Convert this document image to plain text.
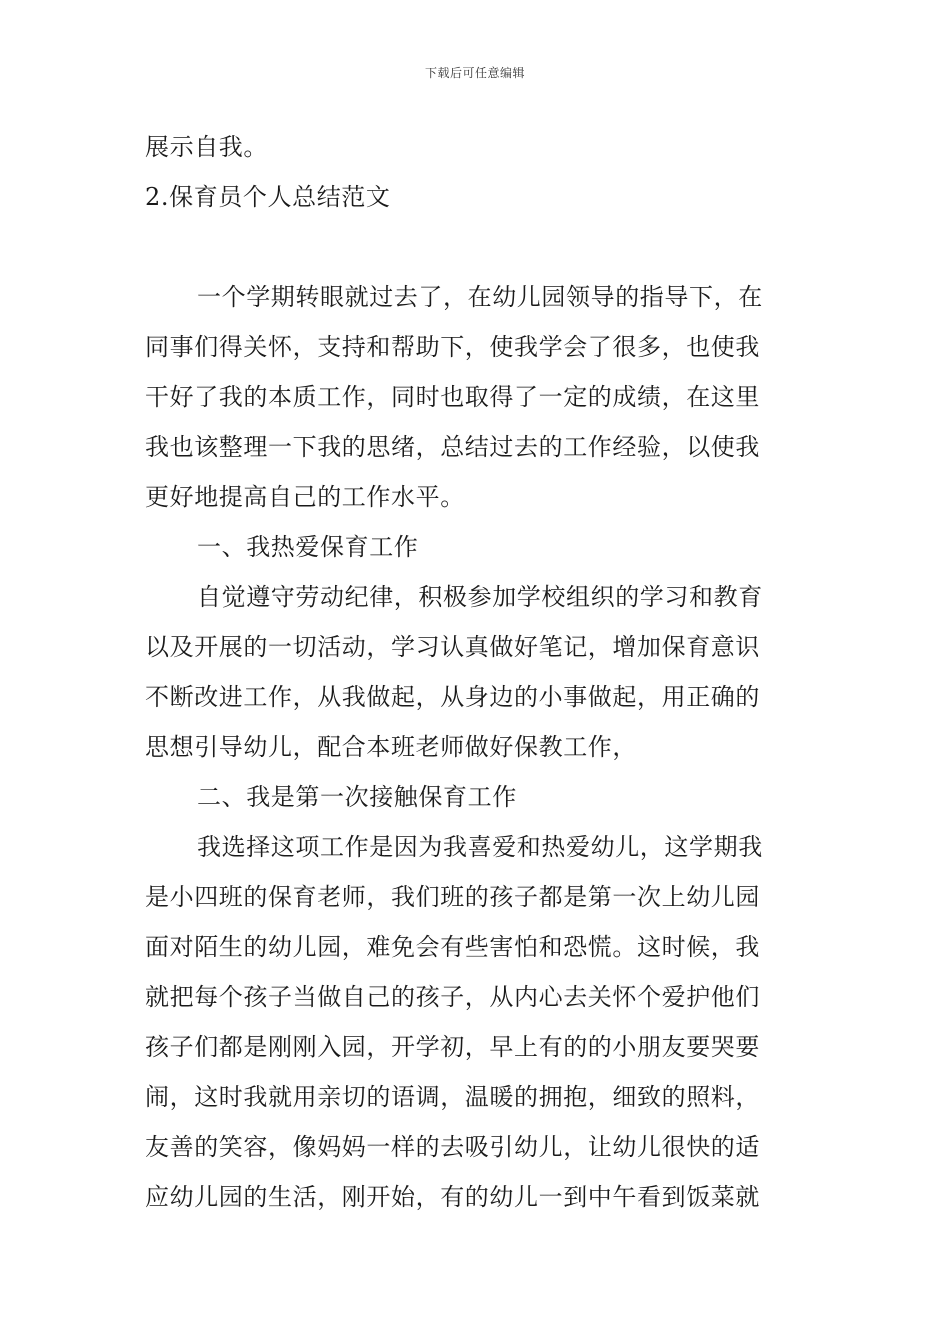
下载后可任意编辑
展示自我。
2.保育员个人总结范文
一个学期转眼就过去了，在幼儿园领导的指导下，在
同事们得关怀，支持和帮助下，使我学会了很多，也使我
干好了我的本质工作，同时也取得了一定的成绩，在这里
我也该整理一下我的思绪，总结过去的工作经验，以使我
更好地提高自己的工作水平。
一、我热爱保育工作
自觉遵守劳动纪律，积极参加学校组织的学习和教育
以及开展的一切活动，学习认真做好笔记，增加保育意识
不断改进工作，从我做起，从身边的小事做起，用正确的
思想引导幼儿，配合本班老师做好保教工作，
二、我是第一次接触保育工作
我选择这项工作是因为我喜爱和热爱幼儿，这学期我
是小四班的保育老师，我们班的孩子都是第一次上幼儿园
面对陌生的幼儿园，难免会有些害怕和恐慌。这时候，我
就把每个孩子当做自己的孩子，从内心去关怀个爱护他们
孩子们都是刚刚入园，开学初，早上有的的小朋友要哭要
闹，这时我就用亲切的语调，温暖的拥抱，细致的照料，
友善的笑容，像妈妈一样的去吸引幼儿，让幼儿很快的适
应幼儿园的生活，刚开始，有的幼儿一到中午看到饭菜就
